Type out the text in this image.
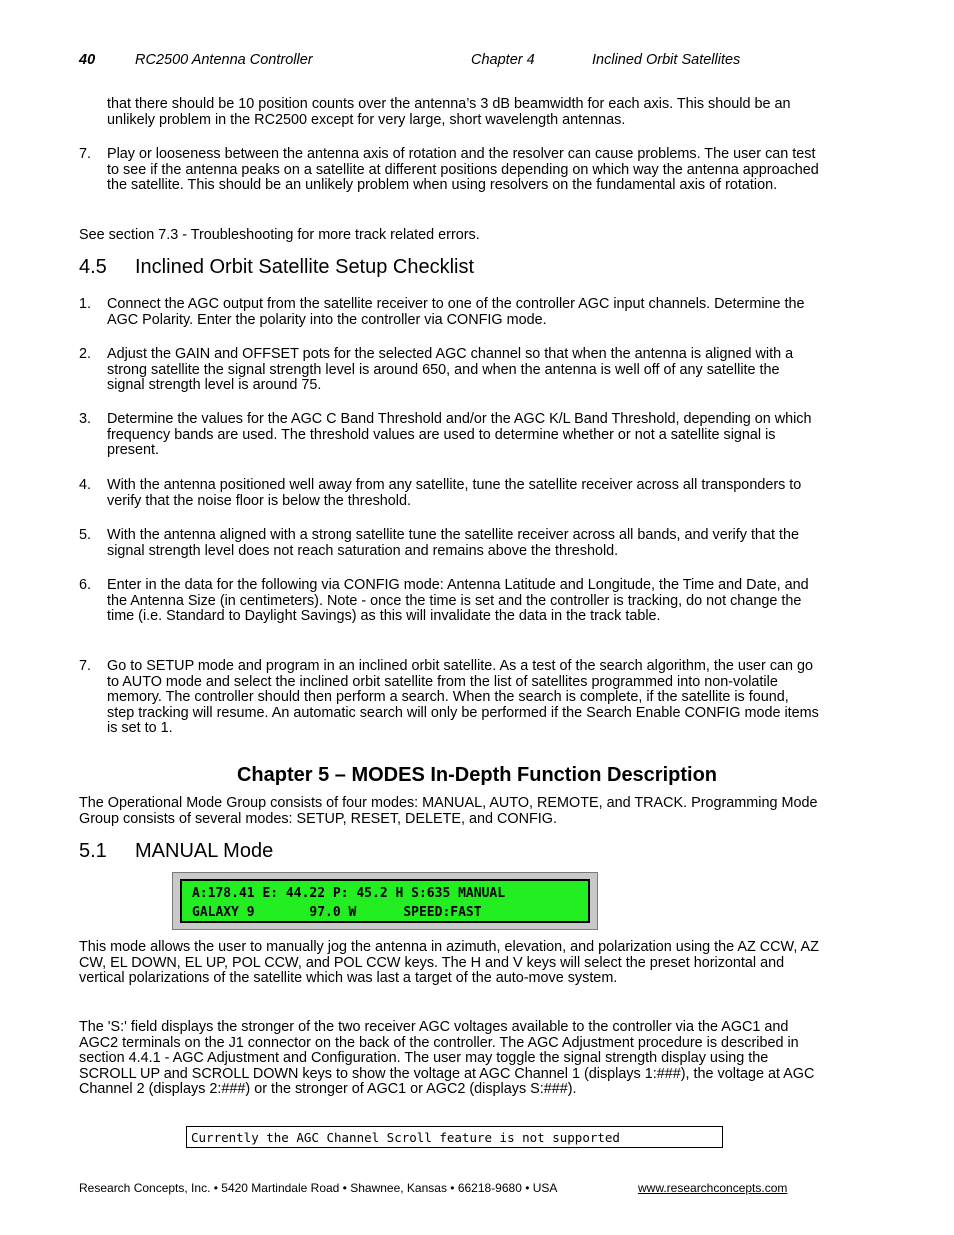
40	RC2500 Antenna Controller	Chapter 4	Inclined Orbit Satellites
that there should be 10 position counts over the antenna’s 3 dB beamwidth for each axis. This should be an unlikely problem in the RC2500 except for very large, short wavelength antennas.
7. Play or looseness between the antenna axis of rotation and the resolver can cause problems. The user can test to see if the antenna peaks on a satellite at different positions depending on which way the antenna approached the satellite. This should be an unlikely problem when using resolvers on the fundamental axis of rotation.
See section 7.3 - Troubleshooting for more track related errors.
4.5 Inclined Orbit Satellite Setup Checklist
1. Connect the AGC output from the satellite receiver to one of the controller AGC input channels. Determine the AGC Polarity. Enter the polarity into the controller via CONFIG mode.
2. Adjust the GAIN and OFFSET pots for the selected AGC channel so that when the antenna is aligned with a strong satellite the signal strength level is around 650, and when the antenna is well off of any satellite the signal strength level is around 75.
3. Determine the values for the AGC C Band Threshold and/or the AGC K/L Band Threshold, depending on which frequency bands are used. The threshold values are used to determine whether or not a satellite signal is present.
4. With the antenna positioned well away from any satellite, tune the satellite receiver across all transponders to verify that the noise floor is below the threshold.
5. With the antenna aligned with a strong satellite tune the satellite receiver across all bands, and verify that the signal strength level does not reach saturation and remains above the threshold.
6. Enter in the data for the following via CONFIG mode: Antenna Latitude and Longitude, the Time and Date, and the Antenna Size (in centimeters). Note - once the time is set and the controller is tracking, do not change the time (i.e. Standard to Daylight Savings) as this will invalidate the data in the track table.
7. Go to SETUP mode and program in an inclined orbit satellite. As a test of the search algorithm, the user can go to AUTO mode and select the inclined orbit satellite from the list of satellites programmed into non-volatile memory. The controller should then perform a search. When the search is complete, if the satellite is found, step tracking will resume. An automatic search will only be performed if the Search Enable CONFIG mode items is set to 1.
Chapter 5 – MODES In-Depth Function Description
The Operational Mode Group consists of four modes: MANUAL, AUTO, REMOTE, and TRACK. Programming Mode Group consists of several modes: SETUP, RESET, DELETE, and CONFIG.
5.1 MANUAL Mode
A:178.41 E: 44.22 P: 45.2 H S:635 MANUAL
GALAXY 9       97.0 W      SPEED:FAST
This mode allows the user to manually jog the antenna in azimuth, elevation, and polarization using the AZ CCW, AZ CW, EL DOWN, EL UP, POL CCW, and POL CCW keys. The H and V keys will select the preset horizontal and vertical polarizations of the satellite which was last a target of the auto-move system.
The 'S:' field displays the stronger of the two receiver AGC voltages available to the controller via the AGC1 and AGC2 terminals on the J1 connector on the back of the controller. The AGC Adjustment procedure is described in section 4.4.1 - AGC Adjustment and Configuration. The user may toggle the signal strength display using the SCROLL UP and SCROLL DOWN keys to show the voltage at AGC Channel 1 (displays 1:###), the voltage at AGC Channel 2 (displays 2:###) or the stronger of AGC1 or AGC2 (displays S:###).
Currently the AGC Channel Scroll feature is not supported
Research Concepts, Inc. • 5420 Martindale Road • Shawnee, Kansas • 66218-9680 • USA	www.researchconcepts.com
